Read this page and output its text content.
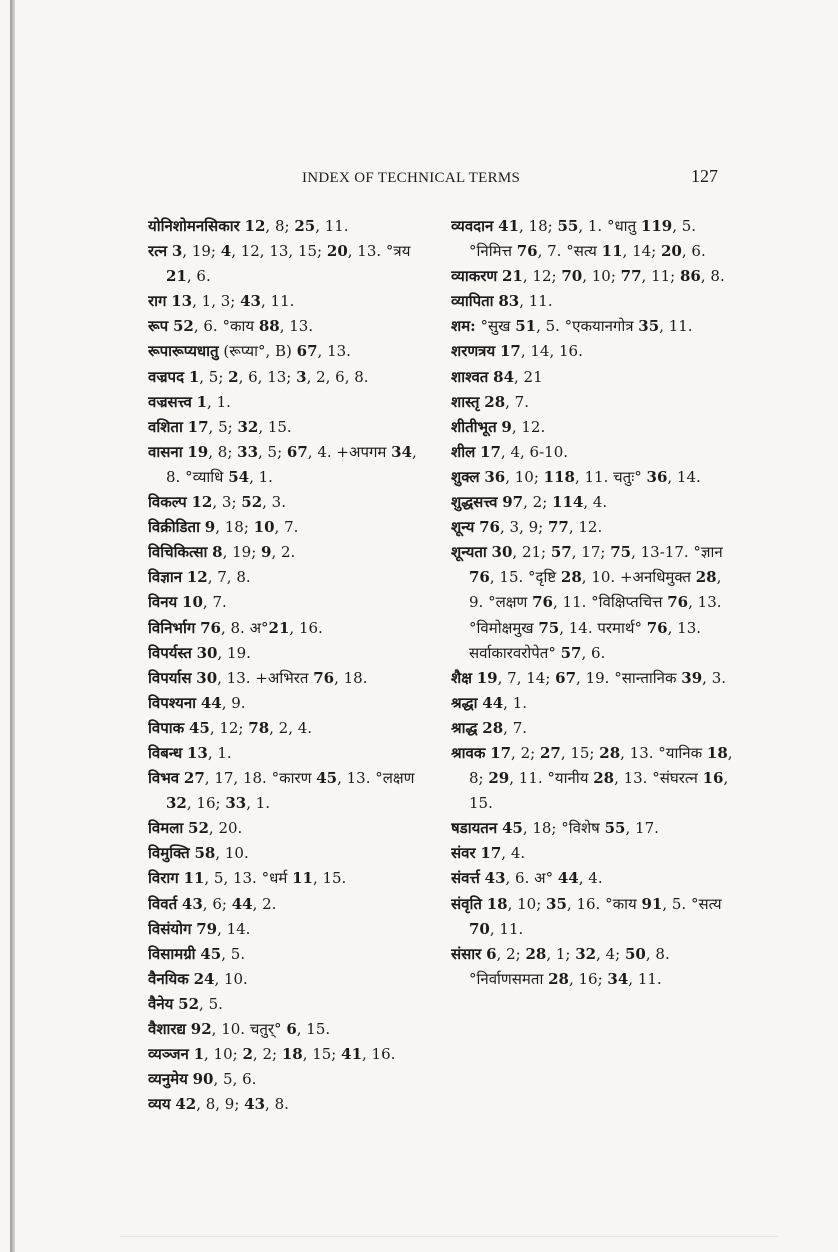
INDEX OF TECHNICAL TERMS	127
योनिशोमनसिकार 12, 8; 25, 11.
रत्न 3, 19; 4, 12, 13, 15; 20, 13. °त्रय 21, 6.
राग 13, 1, 3; 43, 11.
रूप 52, 6. °काय 88, 13.
रूपारूप्यधातु (रूप्या°, B) 67, 13.
वज्रपद 1, 5; 2, 6, 13; 3, 2, 6, 8.
वज्रसत्त्व 1, 1.
वशिता 17, 5; 32, 15.
वासना 19, 8; 33, 5; 67, 4. +अपगम 34, 8. °व्याधि 54, 1.
विकल्प 12, 3; 52, 3.
विक्रीडिता 9, 18; 10, 7.
विचिकित्सा 8, 19; 9, 2.
विज्ञान 12, 7, 8.
विनय 10, 7.
विनिर्भाग 76, 8. अ°21, 16.
विपर्यस्त 30, 19.
विपर्यास 30, 13. +अभिरत 76, 18.
विपश्यना 44, 9.
विपाक 45, 12; 78, 2, 4.
विबन्ध 13, 1.
विभव 27, 17, 18. °कारण 45, 13. °लक्षण 32, 16; 33, 1.
विमला 52, 20.
विमुक्ति 58, 10.
विराग 11, 5, 13. °धर्म 11, 15.
विवर्त 43, 6; 44, 2.
विसंयोग 79, 14.
विसामग्री 45, 5.
वैनयिक 24, 10.
वैनेय 52, 5.
वैशारद्य 92, 10. चतुर्° 6, 15.
व्यञ्जन 1, 10; 2, 2; 18, 15; 41, 16.
व्यनुमेय 90, 5, 6.
व्यय 42, 8, 9; 43, 8.
व्यवदान 41, 18; 55, 1. °धातु 119, 5. °निमित्त 76, 7. °सत्य 11, 14; 20, 6.
व्याकरण 21, 12; 70, 10; 77, 11; 86, 8.
व्यापिता 83, 11.
शम: °सुख 51, 5. °एकयानगोत्र 35, 11.
शरणत्रय 17, 14, 16.
शाश्वत 84, 21
शास्तृ 28, 7.
शीतीभूत 9, 12.
शील 17, 4, 6-10.
शुक्ल 36, 10; 118, 11. चतुः° 36, 14.
शुद्धसत्त्व 97, 2; 114, 4.
शून्य 76, 3, 9; 77, 12.
शून्यता 30, 21; 57, 17; 75, 13-17. °ज्ञान 76, 15. °दृष्टि 28, 10. +अनधिमुक्त 28, 9. °लक्षण 76, 11. °विक्षिप्तचित्त 76, 13. °विमोक्षमुख 75, 14. परमार्थ° 76, 13. सर्वाकारवरोपेत° 57, 6.
शैक्ष 19, 7, 14; 67, 19. °सान्तानिक 39, 3.
श्रद्धा 44, 1.
श्राद्ध 28, 7.
श्रावक 17, 2; 27, 15; 28, 13. °यानिक 18, 8; 29, 11. °यानीय 28, 13. °संघरत्न 16, 15.
षडायतन 45, 18; °विशेष 55, 17.
संवर 17, 4.
संवर्त्त 43, 6. अ° 44, 4.
संवृति 18, 10; 35, 16. °काय 91, 5. °सत्य 70, 11.
संसार 6, 2; 28, 1; 32, 4; 50, 8. °निर्वाणसमता 28, 16; 34, 11.
